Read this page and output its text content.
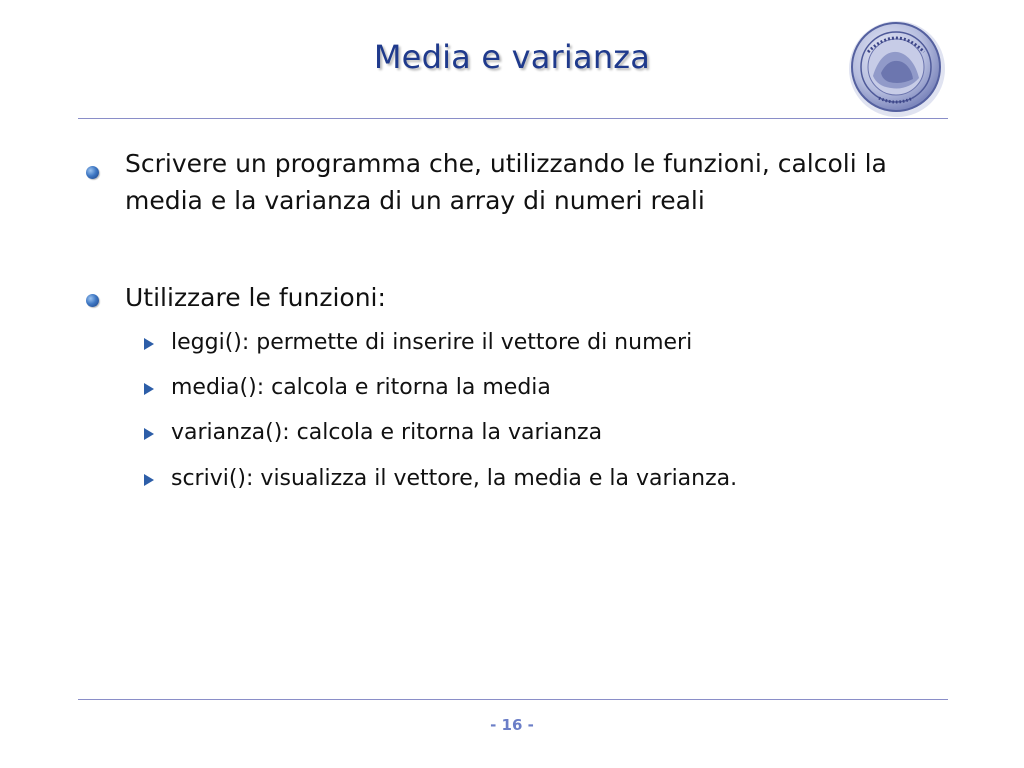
Media e varianza
Scrivere un programma che, utilizzando le funzioni, calcoli la media e la varianza di un array di numeri reali
Utilizzare le funzioni:
leggi(): permette di inserire il vettore di numeri
media(): calcola e ritorna la media
varianza(): calcola e ritorna la varianza
scrivi(): visualizza il vettore, la media e la varianza.
- 16 -
